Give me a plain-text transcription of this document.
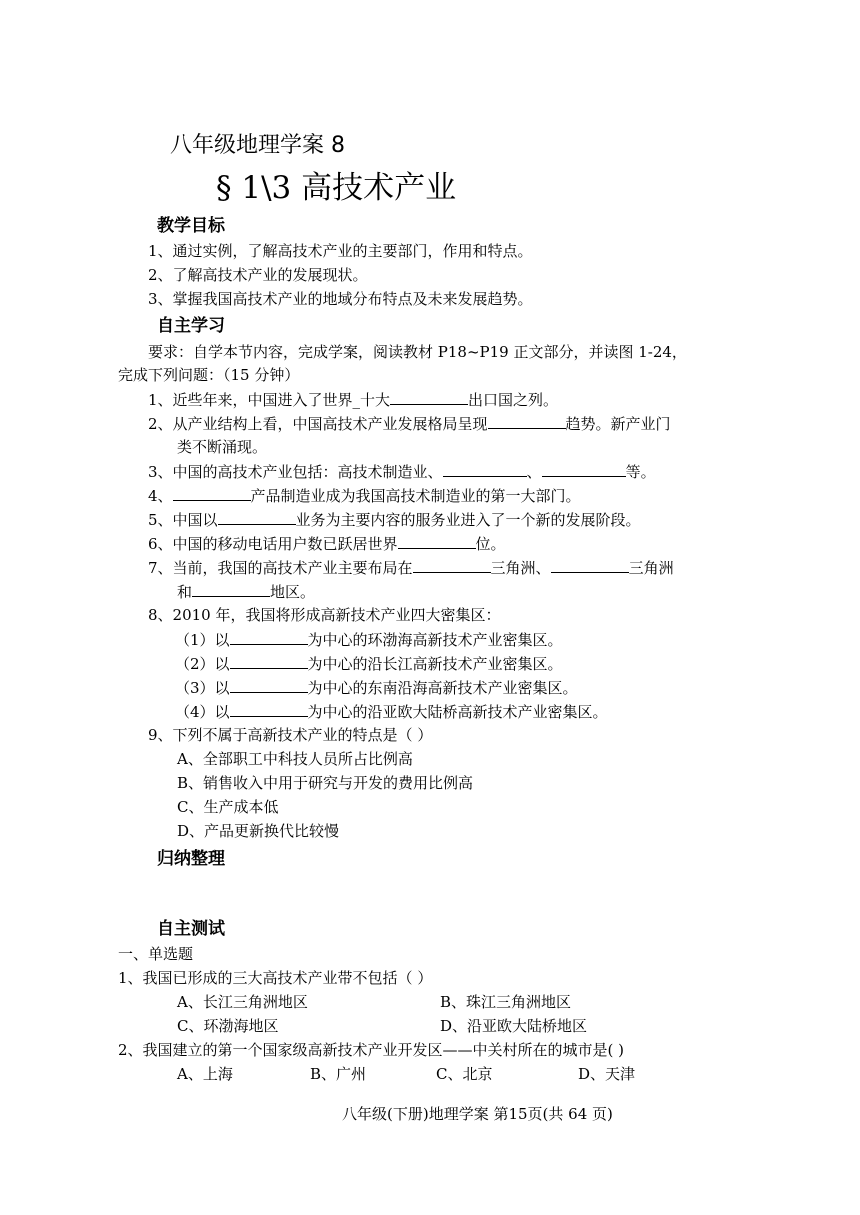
八年级地理学案 8
§ 1\3 高技术产业
教学目标
1、通过实例，了解高技术产业的主要部门，作用和特点。
2、了解高技术产业的发展现状。
3、掌握我国高技术产业的地域分布特点及未来发展趋势。
自主学习
要求：自学本节内容，完成学案，阅读教材 P18~P19 正文部分，并读图 1-24，
完成下列问题：（15 分钟）
1、近些年来，中国进入了世界_十大	出口国之列。
2、从产业结构上看，中国高技术产业发展格局呈现	趋势。新产业门
类不断涌现。
3、中国的高技术产业包括：高技术制造业、	、	等。
4、	产品制造业成为我国高技术制造业的第一大部门。
5、中国以	业务为主要内容的服务业进入了一个新的发展阶段。
6、中国的移动电话用户数已跃居世界	位。
7、当前，我国的高技术产业主要布局在	三角洲、	三角洲
和	地区。
8、2010 年，我国将形成高新技术产业四大密集区：
（1）以	为中心的环渤海高新技术产业密集区。
（2）以	为中心的沿长江高新技术产业密集区。
（3）以	为中心的东南沿海高新技术产业密集区。
（4）以	为中心的沿亚欧大陆桥高新技术产业密集区。
9、下列不属于高新技术产业的特点是（ ）
A、全部职工中科技人员所占比例高
B、销售收入中用于研究与开发的费用比例高
C、生产成本低
D、产品更新换代比较慢
归纳整理
自主测试
一、单选题
1、我国已形成的三大高技术产业带不包括（ ）
A、长江三角洲地区	B、珠江三角洲地区
C、环渤海地区	D、沿亚欧大陆桥地区
2、我国建立的第一个国家级高新技术产业开发区——中关村所在的城市是( )
A、上海	B、广州	C、北京	D、天津
八年级(下册)地理学案 第15页(共 64 页)
